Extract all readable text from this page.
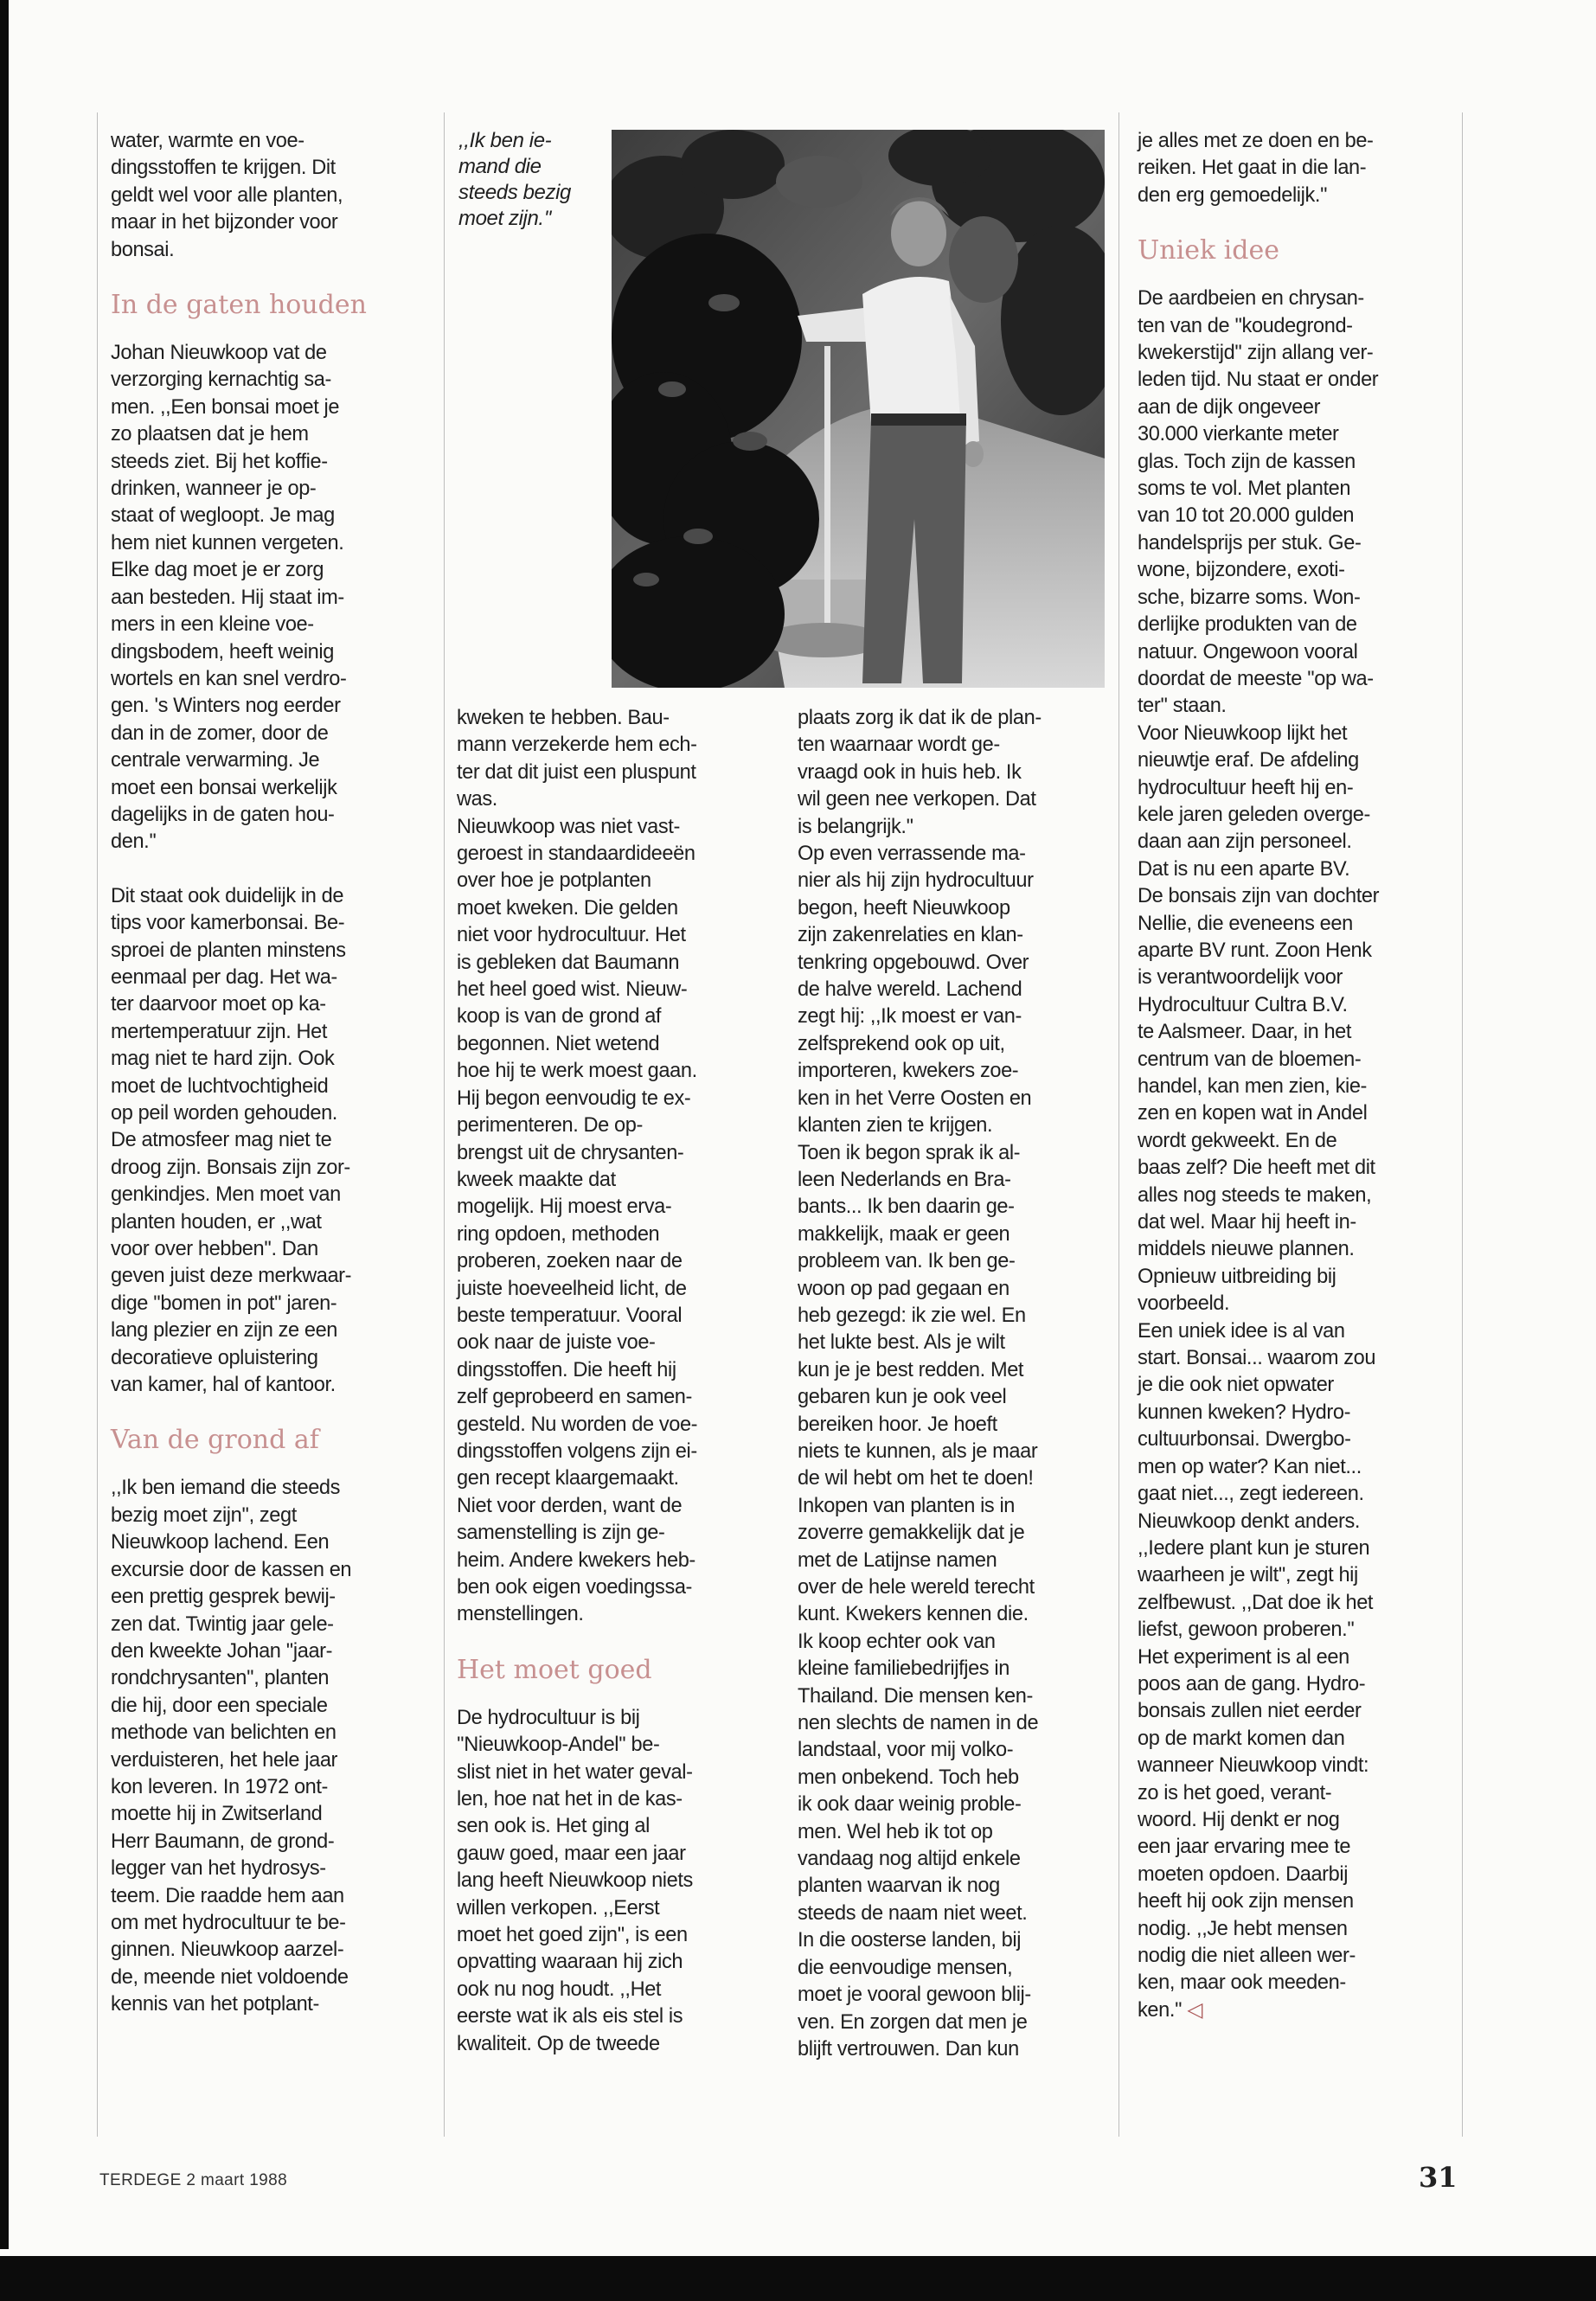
water, warmte en voe-
dingsstoffen te krijgen. Dit
geldt wel voor alle planten,
maar in het bijzonder voor
bonsai.

In de gaten houden

Johan Nieuwkoop vat de
verzorging kernachtig sa-
men. ,,Een bonsai moet je
zo plaatsen dat je hem
steeds ziet. Bij het koffie-
drinken, wanneer je op-
staat of wegloopt. Je mag
hem niet kunnen vergeten.
Elke dag moet je er zorg
aan besteden. Hij staat im-
mers in een kleine voe-
dingsbodem, heeft weinig
wortels en kan snel verdro-
gen. 's Winters nog eerder
dan in de zomer, door de
centrale verwarming. Je
moet een bonsai werkelijk
dagelijks in de gaten hou-
den.''

Dit staat ook duidelijk in de
tips voor kamerbonsai. Be-
sproei de planten minstens
eenmaal per dag. Het wa-
ter daarvoor moet op ka-
mertemperatuur zijn. Het
mag niet te hard zijn. Ook
moet de luchtvochtigheid
op peil worden gehouden.
De atmosfeer mag niet te
droog zijn. Bonsais zijn zor-
genkindjes. Men moet van
planten houden, er ,,wat
voor over hebben''. Dan
geven juist deze merkwaar-
dige ''bomen in pot'' jaren-
lang plezier en zijn ze een
decoratieve opluistering
van kamer, hal of kantoor.

Van de grond af

,,Ik ben iemand die steeds
bezig moet zijn'', zegt
Nieuwkoop lachend. Een
excursie door de kassen en
een prettig gesprek bewij-
zen dat. Twintig jaar gele-
den kweekte Johan ''jaar-
rondchrysanten'', planten
die hij, door een speciale
methode van belichten en
verduisteren, het hele jaar
kon leveren. In 1972 ont-
moette hij in Zwitserland
Herr Baumann, de grond-
legger van het hydrosys-
teem. Die raadde hem aan
om met hydrocultuur te be-
ginnen. Nieuwkoop aarzel-
de, meende niet voldoende
kennis van het potplant-

,,Ik ben ie-
mand die
steeds bezig
moet zijn.''

kweken te hebben. Bau-
mann verzekerde hem ech-
ter dat dit juist een pluspunt
was.

Nieuwkoop was niet vast-
geroest in standaardideeën
over hoe je potplanten
moet kweken. Die gelden
niet voor hydrocultuur. Het
is gebleken dat Baumann
het heel goed wist. Nieuw-
koop is van de grond af
begonnen. Niet wetend
hoe hij te werk moest gaan.
Hij begon eenvoudig te ex-
perimenteren. De op-
brengst uit de chrysanten-
kweek maakte dat
mogelijk. Hij moest erva-
ring opdoen, methoden
proberen, zoeken naar de
juiste hoeveelheid licht, de
beste temperatuur. Vooral
ook naar de juiste voe-
dingsstoffen. Die heeft hij
zelf geprobeerd en samen-
gesteld. Nu worden de voe-
dingsstoffen volgens zijn ei-
gen recept klaargemaakt.

Niet voor derden, want de
samenstelling is zijn ge-
heim. Andere kwekers heb-
ben ook eigen voedingssa-
menstellingen.

Het moet goed

De hydrocultuur is bij
''Nieuwkoop-Andel'' be-
slist niet in het water geval-
len, hoe nat het in de kas-
sen ook is. Het ging al
gauw goed, maar een jaar
lang heeft Nieuwkoop niets
willen verkopen. ,,Eerst
moet het goed zijn'', is een
opvatting waaraan hij zich
ook nu nog houdt. ,,Het
eerste wat ik als eis stel is
kwaliteit. Op de tweede

plaats zorg ik dat ik de plan-
ten waarnaar wordt ge-
vraagd ook in huis heb. Ik
wil geen nee verkopen. Dat
is belangrijk.''

Op even verrassende ma-
nier als hij zijn hydrocultuur
begon, heeft Nieuwkoop
zijn zakenrelaties en klan-
tenkring opgebouwd. Over
de halve wereld. Lachend
zegt hij: ,,Ik moest er van-
zelfsprekend ook op uit,
importeren, kwekers zoe-
ken in het Verre Oosten en
klanten zien te krijgen.
Toen ik begon sprak ik al-
leen Nederlands en Bra-
bants... Ik ben daarin ge-
makkelijk, maak er geen
probleem van. Ik ben ge-
woon op pad gegaan en
heb gezegd: ik zie wel. En
het lukte best. Als je wilt
kun je je best redden. Met
gebaren kun je ook veel
bereiken hoor. Je hoeft
niets te kunnen, als je maar
de wil hebt om het te doen!
Inkopen van planten is in
zoverre gemakkelijk dat je
met de Latijnse namen
over de hele wereld terecht
kunt. Kwekers kennen die.
Ik koop echter ook van
kleine familiebedrijfjes in
Thailand. Die mensen ken-
nen slechts de namen in de
landstaal, voor mij volko-
men onbekend. Toch heb
ik ook daar weinig proble-
men. Wel heb ik tot op
vandaag nog altijd enkele
planten waarvan ik nog
steeds de naam niet weet.
In die oosterse landen, bij
die eenvoudige mensen,
moet je vooral gewoon blij-
ven. En zorgen dat men je
blijft vertrouwen. Dan kun

je alles met ze doen en be-
reiken. Het gaat in die lan-
den erg gemoedelijk.''

Uniek idee

De aardbeien en chrysan-
ten van de ''koudegrond-
kwekerstijd'' zijn allang ver-
leden tijd. Nu staat er onder
aan de dijk ongeveer
30.000 vierkante meter
glas. Toch zijn de kassen
soms te vol. Met planten
van 10 tot 20.000 gulden
handelsprijs per stuk. Ge-
wone, bijzondere, exoti-
sche, bizarre soms. Won-
derlijke produkten van de
natuur. Ongewoon vooral
doordat de meeste ''op wa-
ter'' staan.

Voor Nieuwkoop lijkt het
nieuwtje eraf. De afdeling
hydrocultuur heeft hij en-
kele jaren geleden overge-
daan aan zijn personeel.
Dat is nu een aparte BV.
De bonsais zijn van dochter
Nellie, die eveneens een
aparte BV runt. Zoon Henk
is verantwoordelijk voor
Hydrocultuur Cultra B.V.
te Aalsmeer. Daar, in het
centrum van de bloemen-
handel, kan men zien, kie-
zen en kopen wat in Andel
wordt gekweekt. En de
baas zelf? Die heeft met dit
alles nog steeds te maken,
dat wel. Maar hij heeft in-
middels nieuwe plannen.
Opnieuw uitbreiding bij
voorbeeld.

Een uniek idee is al van
start. Bonsai... waarom zou
je die ook niet opwater
kunnen kweken? Hydro-
cultuurbonsai. Dwergbo-
men op water? Kan niet...
gaat niet..., zegt iedereen.
Nieuwkoop denkt anders.
,,Iedere plant kun je sturen
waarheen je wilt'', zegt hij
zelfbewust. ,,Dat doe ik het
liefst, gewoon proberen.''
Het experiment is al een
poos aan de gang. Hydro-
bonsais zullen niet eerder
op de markt komen dan
wanneer Nieuwkoop vindt:
zo is het goed, verant-
woord. Hij denkt er nog
een jaar ervaring mee te
moeten opdoen. Daarbij
heeft hij ook zijn mensen
nodig. ,,Je hebt mensen
nodig die niet alleen wer-
ken, maar ook meeden-
ken.'' ◁

TERDEGE 2 maart 1988	31
